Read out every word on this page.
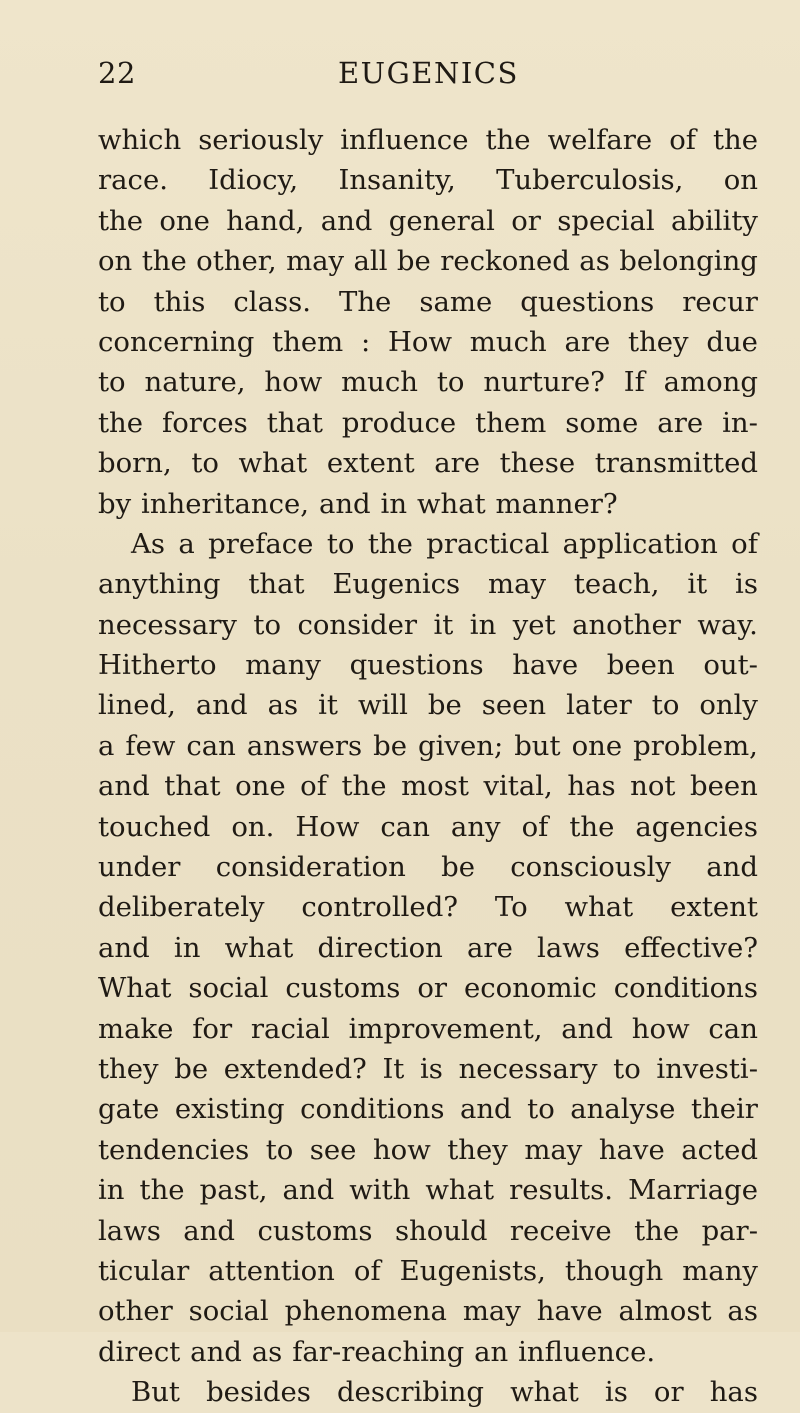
22	EUGENICS
which seriously influence the welfare of the
race. Idiocy, Insanity, Tuberculosis, on
the one hand, and general or special ability
on the other, may all be reckoned as belonging
to this class. The same questions recur
concerning them : How much are they due
to nature, how much to nurture? If among
the forces that produce them some are in-
born, to what extent are these transmitted
by inheritance, and in what manner?
As a preface to the practical application of
anything that Eugenics may teach, it is
necessary to consider it in yet another way.
Hitherto many questions have been out-
lined, and as it will be seen later to only
a few can answers be given; but one problem,
and that one of the most vital, has not been
touched on. How can any of the agencies
under consideration be consciously and
deliberately controlled? To what extent
and in what direction are laws effective?
What social customs or economic conditions
make for racial improvement, and how can
they be extended? It is necessary to investi-
gate existing conditions and to analyse their
tendencies to see how they may have acted
in the past, and with what results. Marriage
laws and customs should receive the par-
ticular attention of Eugenists, though many
other social phenomena may have almost as
direct and as far-reaching an influence.
But besides describing what is or has
